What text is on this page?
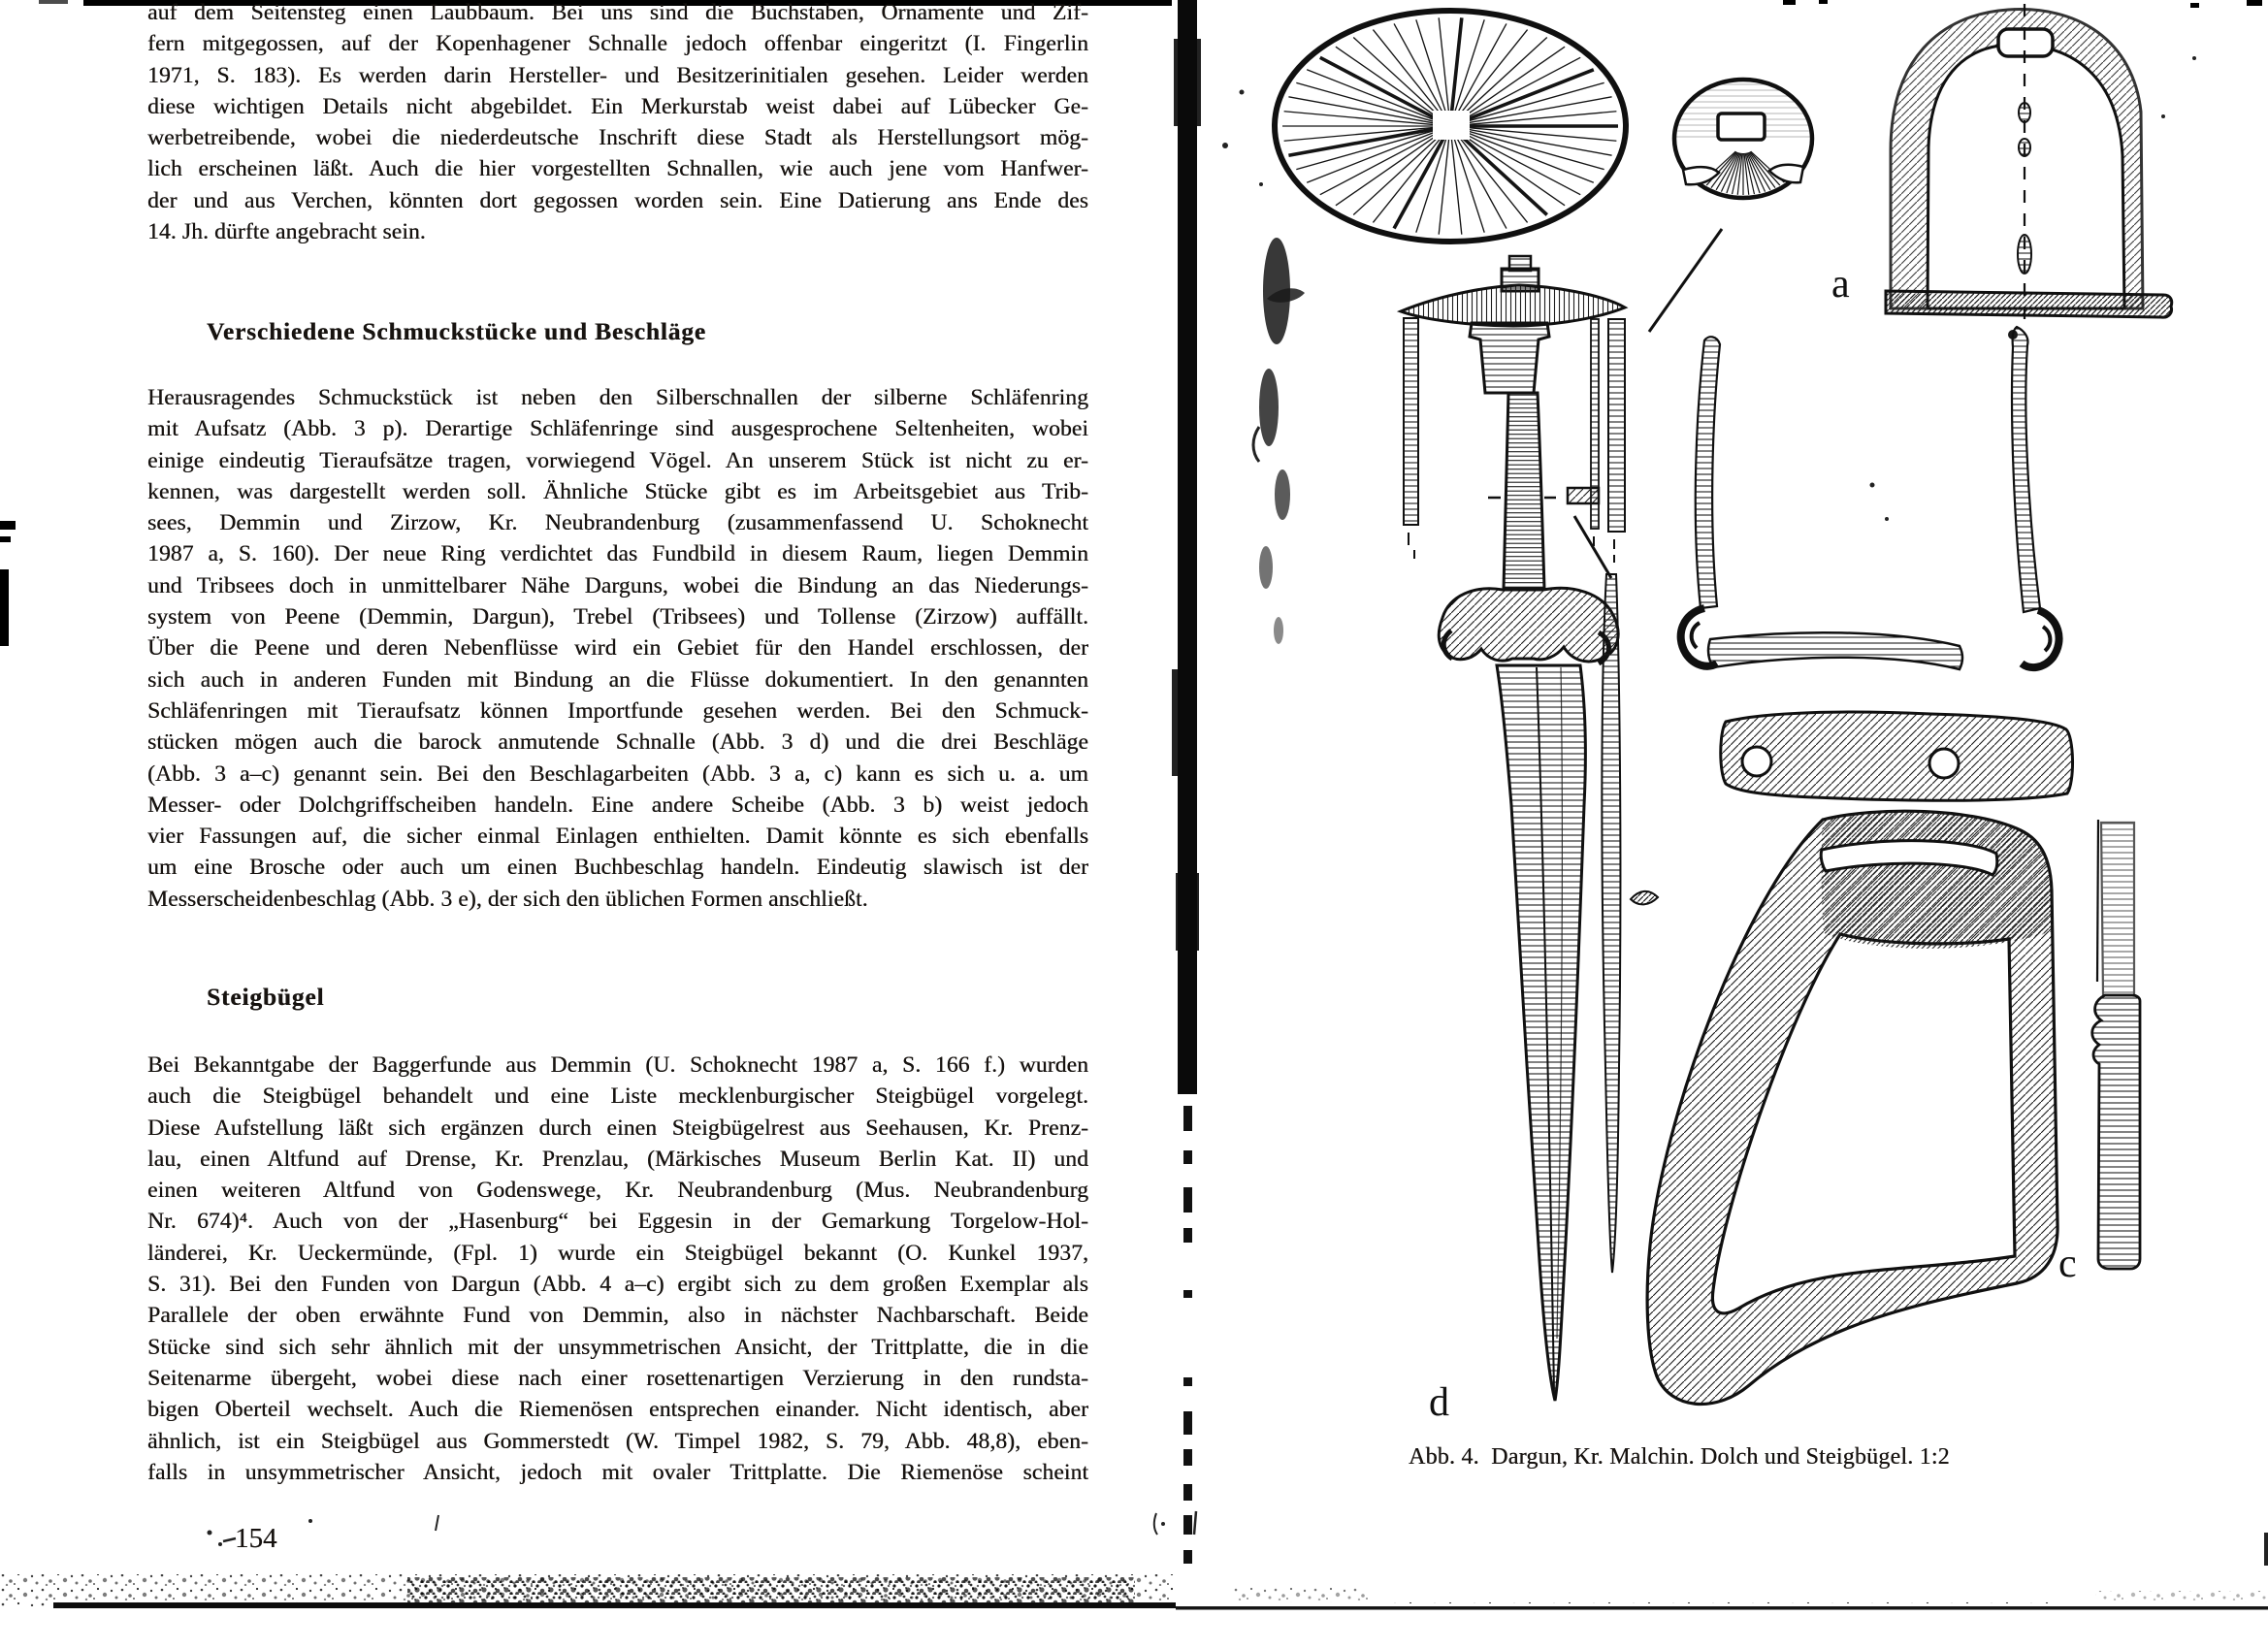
a
c
d
auf dem Seitensteg einen Laubbaum. Bei uns sind die Buchstaben, Ornamente und Zif-
fern mitgegossen, auf der Kopenhagener Schnalle jedoch offenbar eingeritzt (I. Fingerlin
1971, S. 183). Es werden darin Hersteller- und Besitzerinitialen gesehen. Leider werden
diese wichtigen Details nicht abgebildet. Ein Merkurstab weist dabei auf Lübecker Ge-
werbetreibende, wobei die niederdeutsche Inschrift diese Stadt als Herstellungsort mög-
lich erscheinen läßt. Auch die hier vorgestellten Schnallen, wie auch jene vom Hanfwer-
der und aus Verchen, könnten dort gegossen worden sein. Eine Datierung ans Ende des
14. Jh. dürfte angebracht sein.
Verschiedene Schmuckstücke und Beschläge
Herausragendes Schmuckstück ist neben den Silberschnallen der silberne Schläfenring
mit Aufsatz (Abb. 3 p). Derartige Schläfenringe sind ausgesprochene Seltenheiten, wobei
einige eindeutig Tieraufsätze tragen, vorwiegend Vögel. An unserem Stück ist nicht zu er-
kennen, was dargestellt werden soll. Ähnliche Stücke gibt es im Arbeitsgebiet aus Trib-
sees, Demmin und Zirzow, Kr. Neubrandenburg (zusammenfassend U. Schoknecht
1987 a, S. 160). Der neue Ring verdichtet das Fundbild in diesem Raum, liegen Demmin
und Tribsees doch in unmittelbarer Nähe Darguns, wobei die Bindung an das Niederungs-
system von Peene (Demmin, Dargun), Trebel (Tribsees) und Tollense (Zirzow) auffällt.
Über die Peene und deren Nebenflüsse wird ein Gebiet für den Handel erschlossen, der
sich auch in anderen Funden mit Bindung an die Flüsse dokumentiert. In den genannten
Schläfenringen mit Tieraufsatz können Importfunde gesehen werden. Bei den Schmuck-
stücken mögen auch die barock anmutende Schnalle (Abb. 3 d) und die drei Beschläge
(Abb. 3 a–c) genannt sein. Bei den Beschlagarbeiten (Abb. 3 a, c) kann es sich u. a. um
Messer- oder Dolchgriffscheiben handeln. Eine andere Scheibe (Abb. 3 b) weist jedoch
vier Fassungen auf, die sicher einmal Einlagen enthielten. Damit könnte es sich ebenfalls
um eine Brosche oder auch um einen Buchbeschlag handeln. Eindeutig slawisch ist der
Messerscheidenbeschlag (Abb. 3 e), der sich den üblichen Formen anschließt.
Steigbügel
Bei Bekanntgabe der Baggerfunde aus Demmin (U. Schoknecht 1987 a, S. 166 f.) wurden
auch die Steigbügel behandelt und eine Liste mecklenburgischer Steigbügel vorgelegt.
Diese Aufstellung läßt sich ergänzen durch einen Steigbügelrest aus Seehausen, Kr. Prenz-
lau, einen Altfund auf Drense, Kr. Prenzlau, (Märkisches Museum Berlin Kat. II) und
einen weiteren Altfund von Godenswege, Kr. Neubrandenburg (Mus. Neubrandenburg
Nr. 674)⁴. Auch von der „Hasenburg“ bei Eggesin in der Gemarkung Torgelow-Hol-
länderei, Kr. Ueckermünde, (Fpl. 1) wurde ein Steigbügel bekannt (O. Kunkel 1937,
S. 31). Bei den Funden von Dargun (Abb. 4 a–c) ergibt sich zu dem großen Exemplar als
Parallele der oben erwähnte Fund von Demmin, also in nächster Nachbarschaft. Beide
Stücke sind sich sehr ähnlich mit der unsymmetrischen Ansicht, der Trittplatte, die in die
Seitenarme übergeht, wobei diese nach einer rosettenartigen Verzierung in den rundsta-
bigen Oberteil wechselt. Auch die Riemenösen entsprechen einander. Nicht identisch, aber
ähnlich, ist ein Steigbügel aus Gommerstedt (W. Timpel 1982, S. 79, Abb. 48,8), eben-
falls in unsymmetrischer Ansicht, jedoch mit ovaler Trittplatte. Die Riemenöse scheint
154
Abb. 4.  Dargun, Kr. Malchin. Dolch und Steigbügel. 1:2
